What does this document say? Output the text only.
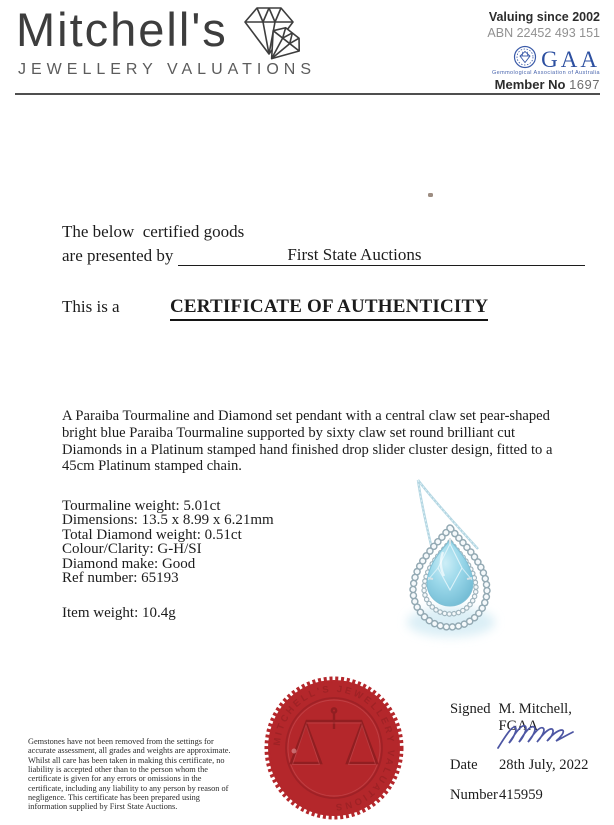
Mitchell's
JEWELLERY VALUATIONS
Valuing since 2002
ABN 22452 493 151
GAA
Gemmological Association of Australia
Member No 1697
The below  certified goods
are presented by	First State Auctions
This is a	CERTIFICATE OF AUTHENTICITY
A Paraiba Tourmaline and Diamond set pendant with a central claw set pear-shaped bright blue Paraiba Tourmaline supported by sixty claw set round brilliant cut Diamonds in a Platinum stamped hand finished drop slider cluster design, fitted to a 45cm Platinum stamped chain.
Tourmaline weight: 5.01ct
Dimensions: 13.5 x 8.99 x 6.21mm
Total Diamond weight: 0.51ct
Colour/Clarity: G-H/SI
Diamond make: Good
Ref number: 65193
Item weight: 10.4g
MITCHELL'S JEWELLERY VALUATIONS
Gemstones have not been removed from the settings for accurate assessment, all grades and weights are approximate. Whilst all care has been taken in making this certificate, no liability is accepted other than to the person whom the certificate is given for any errors or omissions in the certificate, including any liability to any person by reason of negligence. This certificate has been prepared using information supplied by First State Auctions.
Signed M. Mitchell, FGAA
Date	28th July, 2022
Number 415959
